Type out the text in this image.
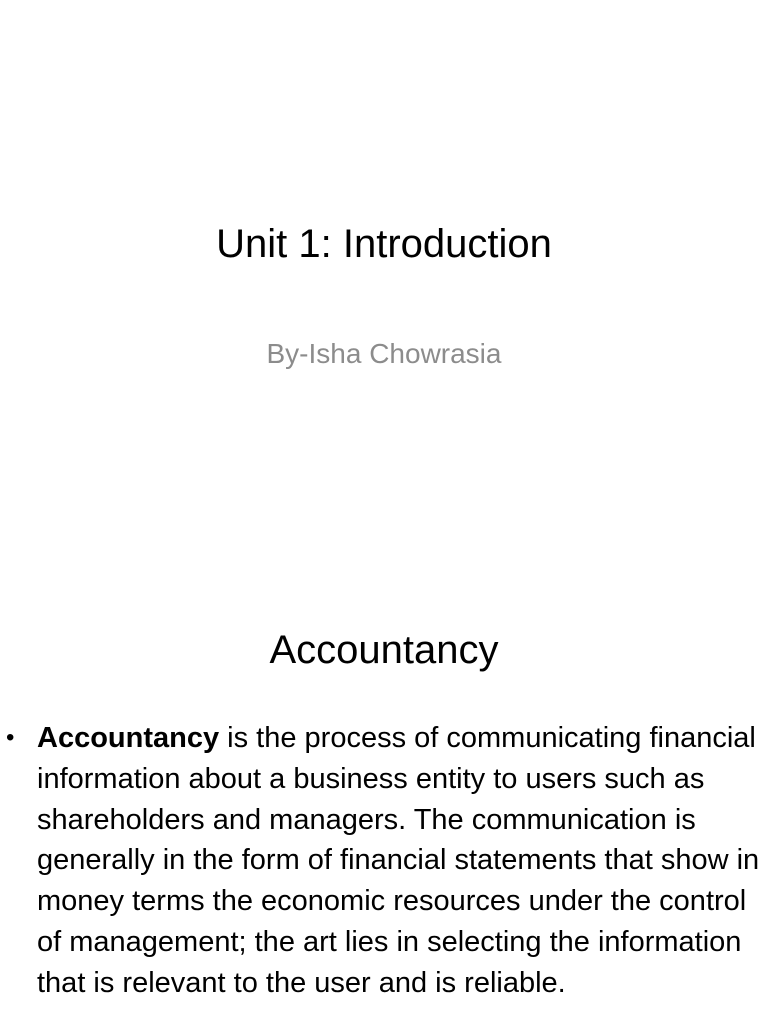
Unit 1: Introduction

By-Isha Chowrasia

Accountancy
• Accountancy is the process of communicating financial information about a business entity to users such as shareholders and managers. The communication is generally in the form of financial statements that show in money terms the economic resources under the control of management; the art lies in selecting the information that is relevant to the user and is reliable.
